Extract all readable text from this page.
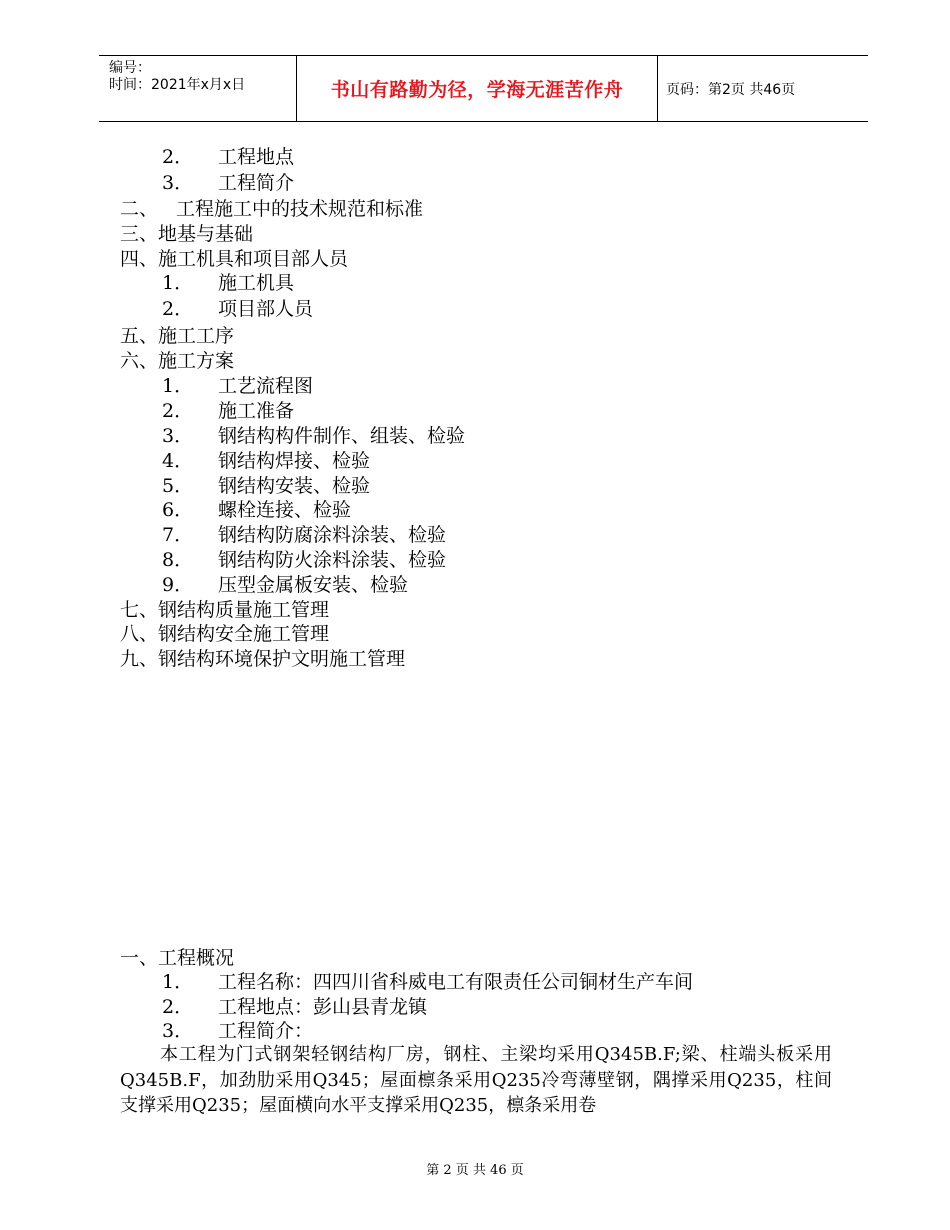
编号：
时间：2021年x月x日	书山有路勤为径，学海无涯苦作舟	页码：第2页 共46页
2． 工程地点
3． 工程简介
二、 工程施工中的技术规范和标准
三、地基与基础
四、施工机具和项目部人员
1． 施工机具
2． 项目部人员
五、施工工序
六、施工方案
1． 工艺流程图
2． 施工准备
3． 钢结构构件制作、组装、检验
4． 钢结构焊接、检验
5． 钢结构安装、检验
6． 螺栓连接、检验
7． 钢结构防腐涂料涂装、检验
8． 钢结构防火涂料涂装、检验
9． 压型金属板安装、检验
七、钢结构质量施工管理
八、钢结构安全施工管理
九、钢结构环境保护文明施工管理
一、工程概况
1． 工程名称：四四川省科威电工有限责任公司铜材生产车间
2． 工程地点：彭山县青龙镇
3． 工程简介：

本工程为门式钢架轻钢结构厂房，钢柱、主梁均采用Q345B.F;梁、柱端头板采用Q345B.F，加劲肋采用Q345；屋面檩条采用Q235冷弯薄壁钢，隅撑采用Q235，柱间支撑采用Q235；屋面横向水平支撑采用Q235，檩条采用卷

第 2 页 共 46 页
